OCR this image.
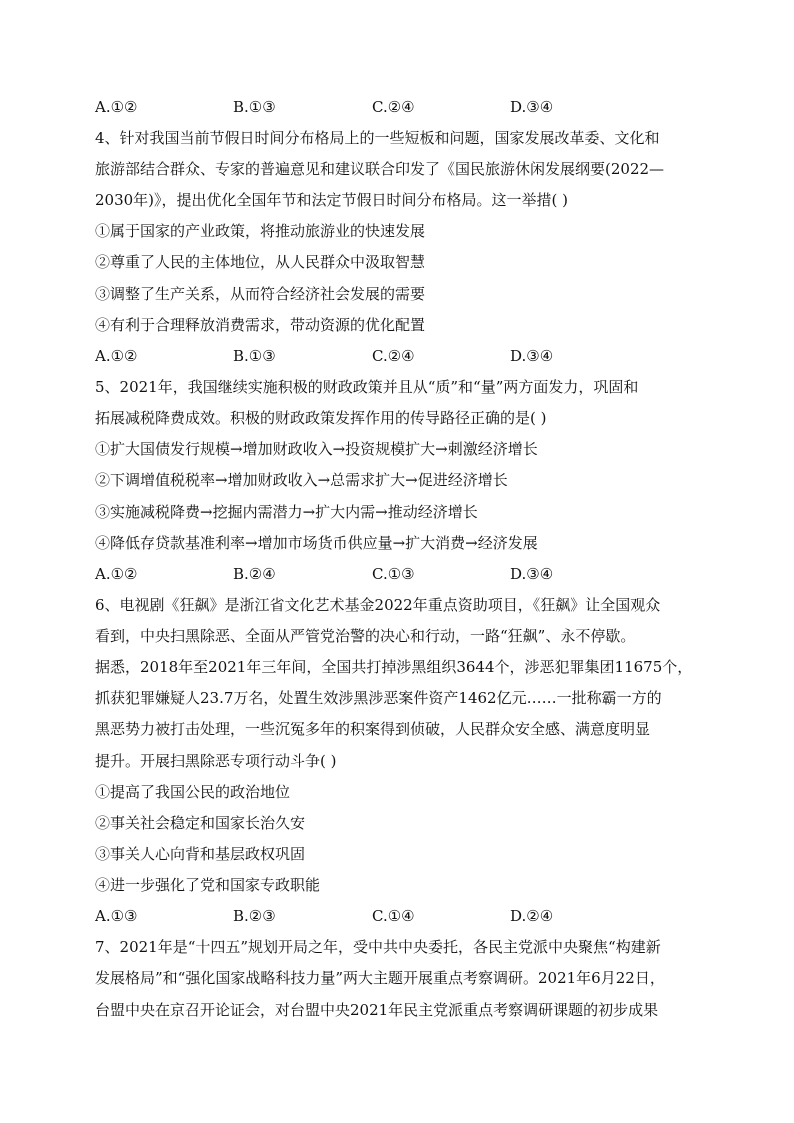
A.①②	B.①③	C.②④	D.③④
4、针对我国当前节假日时间分布格局上的一些短板和问题，国家发展改革委、文化和
旅游部结合群众、专家的普遍意见和建议联合印发了《国民旅游休闲发展纲要(2022—
2030年)》，提出优化全国年节和法定节假日时间分布格局。这一举措( )
①属于国家的产业政策，将推动旅游业的快速发展
②尊重了人民的主体地位，从人民群众中汲取智慧
③调整了生产关系，从而符合经济社会发展的需要
④有利于合理释放消费需求，带动资源的优化配置
A.①②	B.①③	C.②④	D.③④
5、2021年，我国继续实施积极的财政政策并且从“质”和“量”两方面发力，巩固和
拓展减税降费成效。积极的财政政策发挥作用的传导路径正确的是( )
①扩大国债发行规模→增加财政收入→投资规模扩大→刺激经济增长
②下调增值税税率→增加财政收入→总需求扩大→促进经济增长
③实施减税降费→挖掘内需潜力→扩大内需→推动经济增长
④降低存贷款基准利率→增加市场货币供应量→扩大消费→经济发展
A.①②	B.②④	C.①③	D.③④
6、电视剧《狂飙》是浙江省文化艺术基金2022年重点资助项目，《狂飙》让全国观众
看到，中央扫黑除恶、全面从严管党治警的决心和行动，一路“狂飙”、永不停歇。
据悉，2018年至2021年三年间，全国共打掉涉黑组织3644个，涉恶犯罪集团11675个，
抓获犯罪嫌疑人23.7万名，处置生效涉黑涉恶案件资产1462亿元……一批称霸一方的
黑恶势力被打击处理，一些沉冤多年的积案得到侦破，人民群众安全感、满意度明显
提升。开展扫黑除恶专项行动斗争( )
①提高了我国公民的政治地位
②事关社会稳定和国家长治久安
③事关人心向背和基层政权巩固
④进一步强化了党和国家专政职能
A.①③	B.②③	C.①④	D.②④
7、2021年是“十四五”规划开局之年，受中共中央委托，各民主党派中央聚焦“构建新
发展格局”和“强化国家战略科技力量”两大主题开展重点考察调研。2021年6月22日，
台盟中央在京召开论证会，对台盟中央2021年民主党派重点考察调研课题的初步成果
